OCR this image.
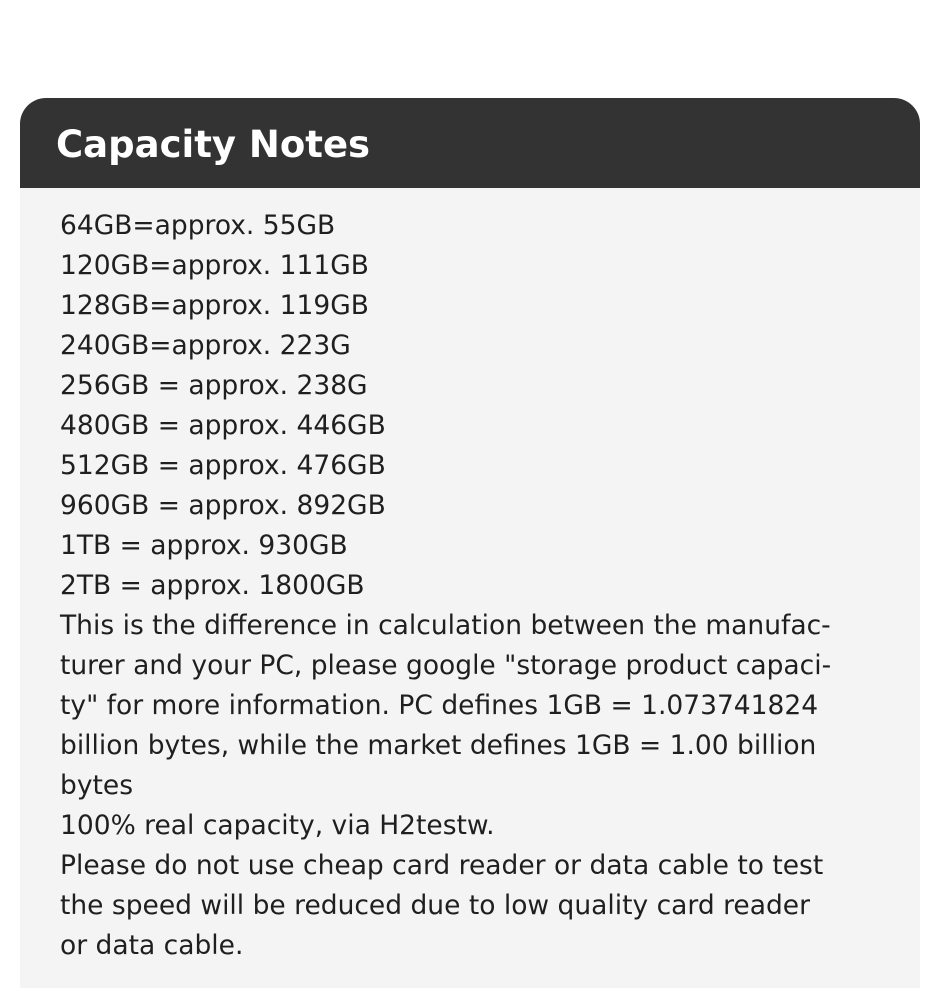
Capacity Notes
64GB=approx. 55GB
120GB=approx. 111GB
128GB=approx. 119GB
240GB=approx. 223G
256GB = approx. 238G
480GB = approx. 446GB
512GB = approx. 476GB
960GB = approx. 892GB
1TB = approx. 930GB
2TB = approx. 1800GB
This is the difference in calculation between the manufac-
turer and your PC, please google "storage product capaci-
ty" for more information. PC defines 1GB = 1.073741824
billion bytes, while the market defines 1GB = 1.00 billion
bytes
100% real capacity, via H2testw.
Please do not use cheap card reader or data cable to test
the speed will be reduced due to low quality card reader
or data cable.
